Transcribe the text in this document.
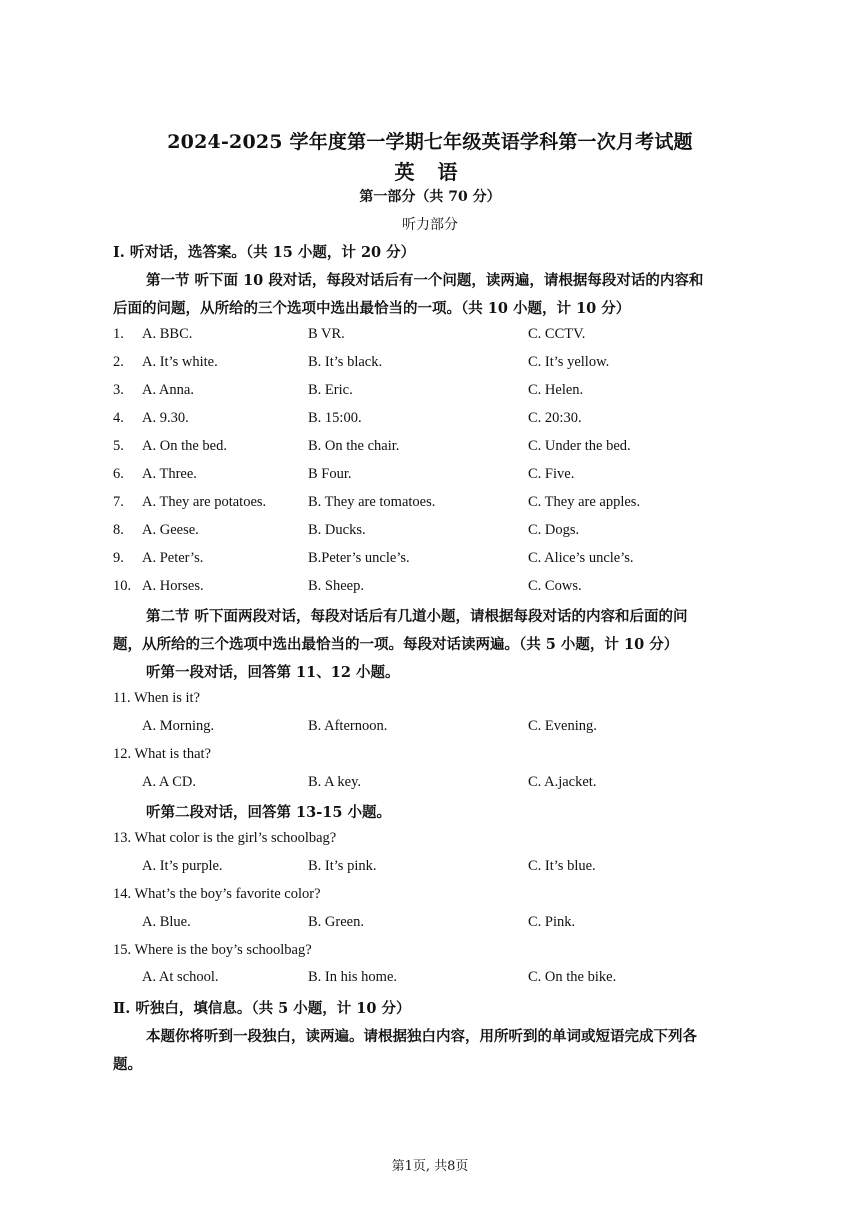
2024-2025 学年度第一学期七年级英语学科第一次月考试题
英 语
第一部分（共 70 分）
听力部分
Ⅰ. 听对话，选答案。（共 15 小题，计 20 分）
第一节 听下面 10 段对话，每段对话后有一个问题，读两遍，请根据每段对话的内容和
后面的问题，从所给的三个选项中选出最恰当的一项。（共 10 小题，计 10 分）
1. A. BBC.	B VR.	C. CCTV.
2. A. It’s white.	B. It’s black.	C. It’s yellow.
3. A. Anna.	B. Eric.	C. Helen.
4. A. 9.30.	B. 15:00.	C. 20:30.
5. A. On the bed.	B. On the chair.	C. Under the bed.
6. A. Three.	B Four.	C. Five.
7. A. They are potatoes.	B. They are tomatoes.	C. They are apples.
8. A. Geese.	B. Ducks.	C. Dogs.
9. A. Peter’s.	B.Peter’s uncle’s.	C. Alice’s uncle’s.
10. A. Horses.	B. Sheep.	C. Cows.
第二节 听下面两段对话，每段对话后有几道小题，请根据每段对话的内容和后面的问
题，从所给的三个选项中选出最恰当的一项。每段对话读两遍。（共 5 小题，计 10 分）
听第一段对话，回答第 11、12 小题。
11. When is it?
A. Morning.	B. Afternoon.	C. Evening.
12. What is that?
A. A CD.	B. A key.	C. A.jacket.
听第二段对话，回答第 13-15 小题。
13. What color is the girl’s schoolbag?
A. It’s purple.	B. It’s pink.	C. It’s blue.
14. What’s the boy’s favorite color?
A. Blue.	B. Green.	C. Pink.
15. Where is the boy’s schoolbag?
A. At school.	B. In his home.	C. On the bike.
Ⅱ. 听独白，填信息。（共 5 小题，计 10 分）
本题你将听到一段独白，读两遍。请根据独白内容，用所听到的单词或短语完成下列各
题。
第1页, 共8页
